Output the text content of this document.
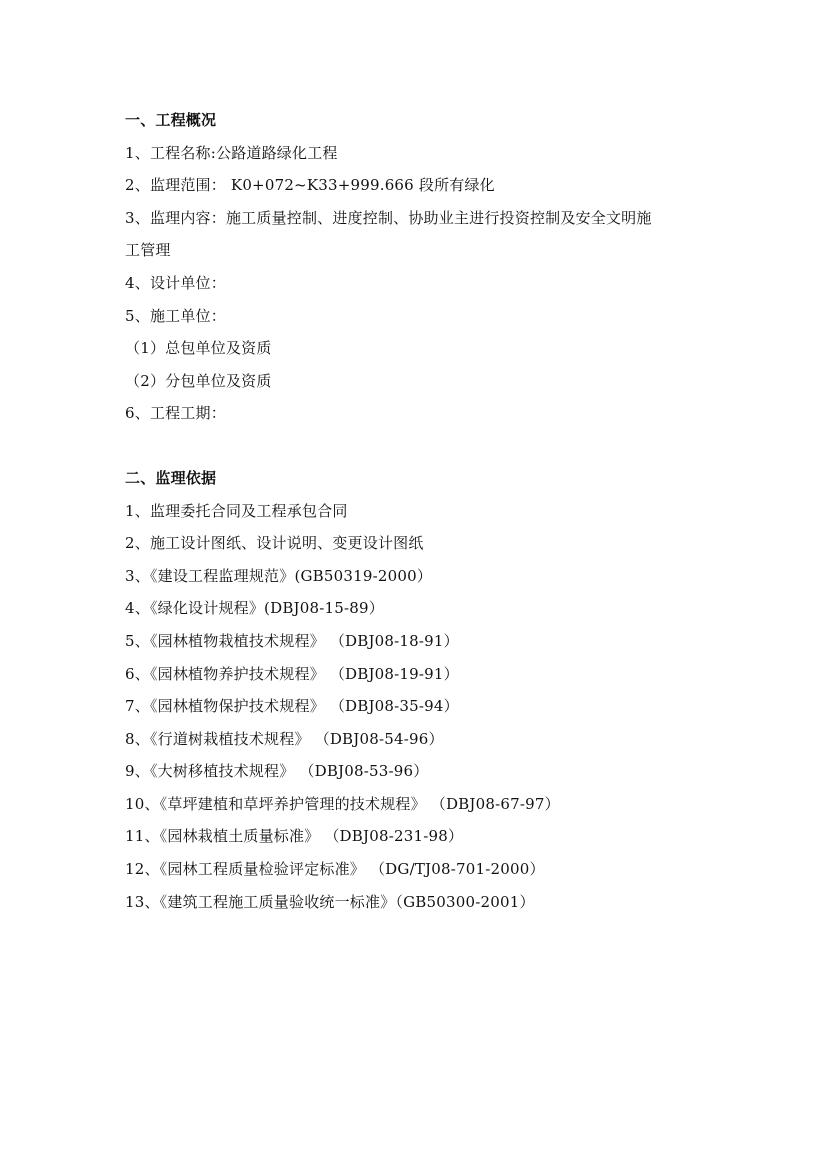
一、工程概况
1、工程名称:公路道路绿化工程
2、监理范围： K0+072~K33+999.666 段所有绿化
3、监理内容：施工质量控制、进度控制、协助业主进行投资控制及安全文明施
工管理
4、设计单位：
5、施工单位：
（1）总包单位及资质
（2）分包单位及资质
6、工程工期：
二、监理依据
1、监理委托合同及工程承包合同
2、施工设计图纸、设计说明、变更设计图纸
3、《建设工程监理规范》(GB50319-2000）
4、《绿化设计规程》(DBJ08-15-89）
5、《园林植物栽植技术规程》 （DBJ08-18-91）
6、《园林植物养护技术规程》 （DBJ08-19-91）
7、《园林植物保护技术规程》 （DBJ08-35-94）
8、《行道树栽植技术规程》 （DBJ08-54-96）
9、《大树移植技术规程》 （DBJ08-53-96）
10、《草坪建植和草坪养护管理的技术规程》 （DBJ08-67-97）
11、《园林栽植土质量标准》 （DBJ08-231-98）
12、《园林工程质量检验评定标准》 （DG/TJ08-701-2000）
13、《建筑工程施工质量验收统一标准》（GB50300-2001）
